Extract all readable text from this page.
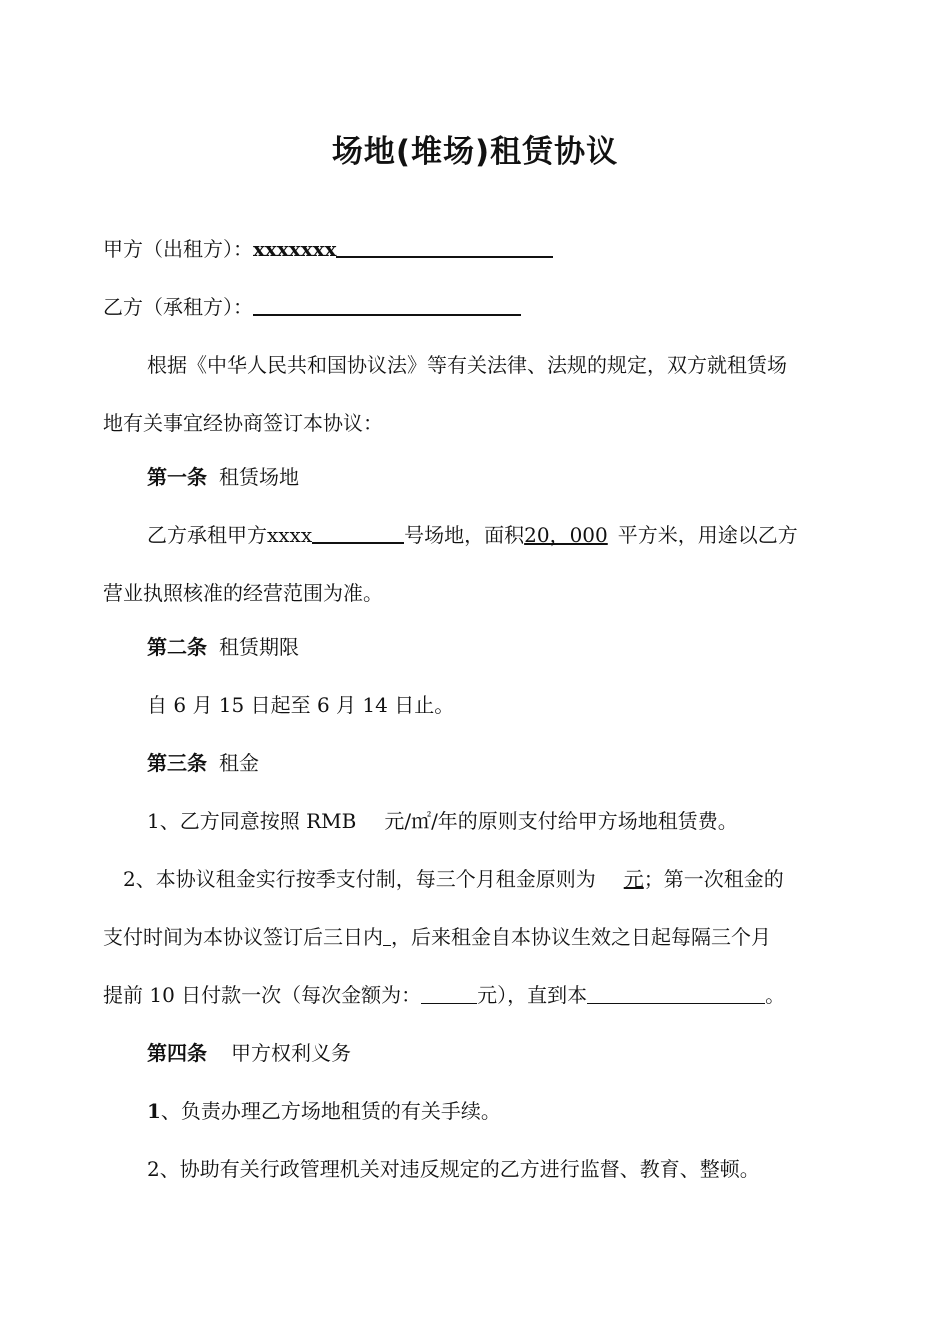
场地(堆场)租赁协议
甲方（出租方）：xxxxxxx
乙方（承租方）：
根据《中华人民共和国协议法》等有关法律、法规的规定，双方就租赁场
地有关事宜经协商签订本协议：
第一条 租赁场地
乙方承租甲方xxxx	号场地，面积20，000 平方米，用途以乙方
营业执照核准的经营范围为准。
第二条 租赁期限
自 6 月 15 日起至 6 月 14 日止。
第三条 租金
1、乙方同意按照 RMB 元/㎡/年的原则支付给甲方场地租赁费。
2、本协议租金实行按季支付制，每三个月租金原则为 元；第一次租金的
支付时间为本协议签订后三日内 ，后来租金自本协议生效之日起每隔三个月
提前 10 日付款一次（每次金额为：	元），直到本	。
第四条 甲方权利义务
1、负责办理乙方场地租赁的有关手续。
2、协助有关行政管理机关对违反规定的乙方进行监督、教育、整顿。
